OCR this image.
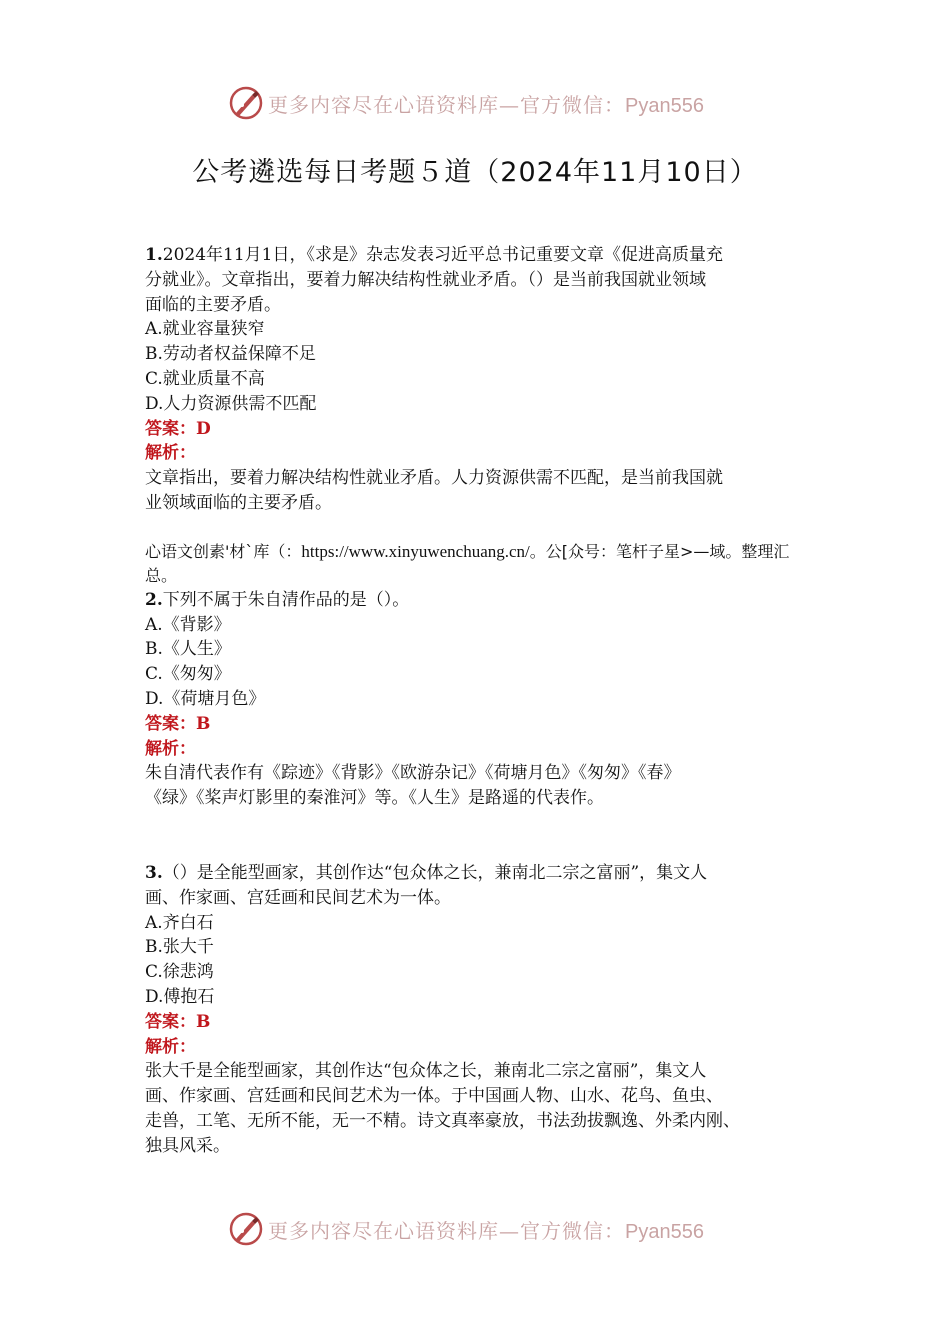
更多内容尽在心语资料库—官方微信：Pyan556
公考遴选每日考题５道（2024年11月10日）
1.2024年11月1日，《求是》杂志发表习近平总书记重要文章《促进高质量充
分就业》。文章指出，要着力解决结构性就业矛盾。（）是当前我国就业领域
面临的主要矛盾。
A.就业容量狭窄
B.劳动者权益保障不足
C.就业质量不高
D.人力资源供需不匹配
答案：D
解析：
文章指出，要着力解决结构性就业矛盾。人力资源供需不匹配，是当前我国就
业领域面临的主要矛盾。
心语文创素'材`库（：https://www.xinyuwenchuang.cn/。公[众号：笔杆子星>—域。整理汇总。
2.下列不属于朱自清作品的是（）。
A.《背影》
B.《人生》
C.《匆匆》
D.《荷塘月色》
答案：B
解析：
朱自清代表作有《踪迹》《背影》《欧游杂记》《荷塘月色》《匆匆》《春》
《绿》《桨声灯影里的秦淮河》等。《人生》是路遥的代表作。
3.（）是全能型画家，其创作达“包众体之长，兼南北二宗之富丽”，集文人
画、作家画、宫廷画和民间艺术为一体。
A.齐白石
B.张大千
C.徐悲鸿
D.傅抱石
答案：B
解析：
张大千是全能型画家，其创作达“包众体之长，兼南北二宗之富丽”，集文人
画、作家画、宫廷画和民间艺术为一体。于中国画人物、山水、花鸟、鱼虫、
走兽，工笔、无所不能，无一不精。诗文真率豪放，书法劲拔飘逸、外柔内刚、
独具风采。
更多内容尽在心语资料库—官方微信：Pyan556
